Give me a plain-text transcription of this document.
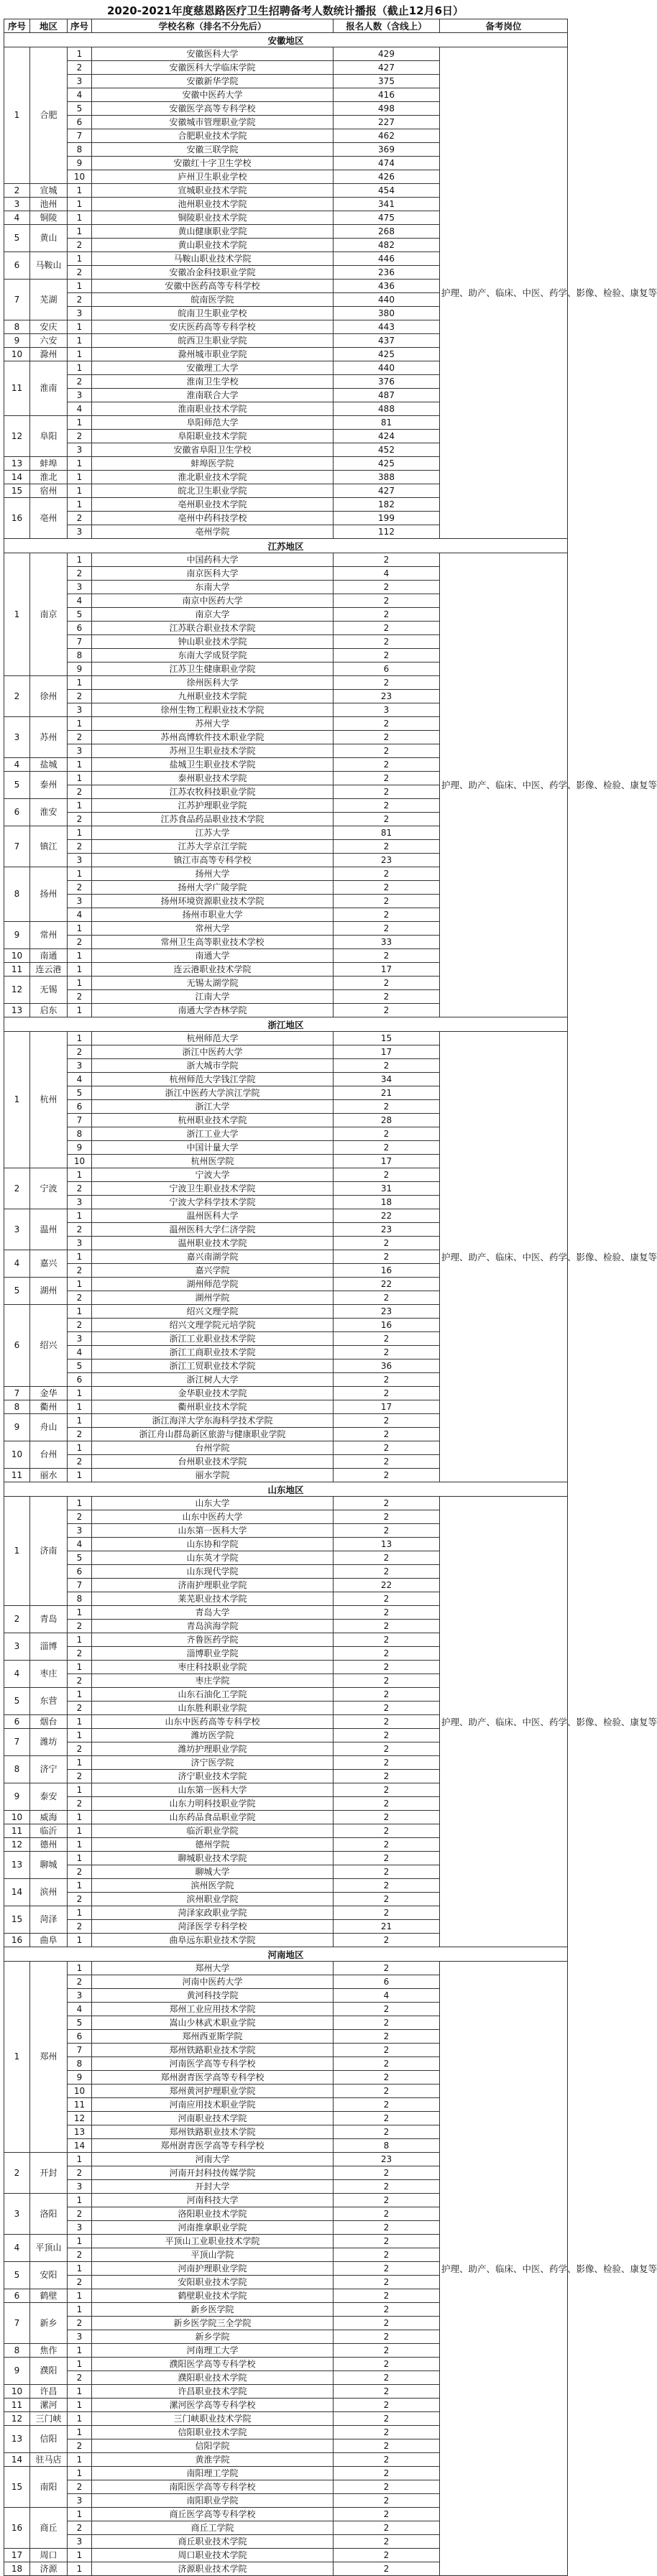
2020-2021年度慈恩路医疗卫生招聘备考人数统计播报（截止12月6日）
序号	地区	序号	学校名称（排名不分先后）	报名人数（含线上）	备考岗位
安徽地区					
1	合肥	1	安徽医科大学	429	护理、助产、临床、中医、药学、影像、检验、康复等
		2	安徽医科大学临床学院	427	
		3	安徽新华学院	375	
		4	安徽中医药大学	416	
		5	安徽医学高等专科学校	498	
		6	安徽城市管理职业学院	227	
		7	合肥职业技术学院	462	
		8	安徽三联学院	369	
		9	安徽红十字卫生学校	474	
		10	庐州卫生职业学校	426	
2	宣城	1	宣城职业技术学院	454	
3	池州	1	池州职业技术学院	341	
4	铜陵	1	铜陵职业技术学院	475	
5	黄山	1	黄山健康职业学院	268	
		2	黄山职业技术学院	482	
6	马鞍山	1	马鞍山职业技术学院	446	
		2	安徽冶金科技职业学院	236	
7	芜湖	1	安徽中医药高等专科学校	436	
		2	皖南医学院	440	
		3	皖南卫生职业学校	380	
8	安庆	1	安庆医药高等专科学校	443	
9	六安	1	皖西卫生职业学院	437	
10	滁州	1	滁州城市职业学院	425	
11	淮南	1	安徽理工大学	440	
		2	淮南卫生学校	376	
		3	淮南联合大学	487	
		4	淮南职业技术学院	488	
12	阜阳	1	阜阳师范大学	81	
		2	阜阳职业技术学院	424	
		3	安徽省阜阳卫生学校	452	
13	蚌埠	1	蚌埠医学院	425	
14	淮北	1	淮北职业技术学院	388	
15	宿州	1	皖北卫生职业学院	427	
16	亳州	1	亳州职业技术学院	182	
		2	亳州中药科技学校	199	
		3	亳州学院	112	
江苏地区					
1	南京	1	中国药科大学	2	护理、助产、临床、中医、药学、影像、检验、康复等
		2	南京医科大学	4	
		3	东南大学	2	
		4	南京中医药大学	2	
		5	南京大学	2	
		6	江苏联合职业技术学院	2	
		7	钟山职业技术学院	2	
		8	东南大学成贤学院	2	
		9	江苏卫生健康职业学院	6	
2	徐州	1	徐州医科大学	2	
		2	九州职业技术学院	23	
		3	徐州生物工程职业技术学院	3	
3	苏州	1	苏州大学	2	
		2	苏州高博软件技术职业学院	2	
		3	苏州卫生职业技术学院	2	
4	盐城	1	盐城卫生职业技术学院	2	
5	泰州	1	泰州职业技术学院	2	
		2	江苏农牧科技职业学院	2	
6	淮安	1	江苏护理职业学院	2	
		2	江苏食品药品职业技术学院	2	
7	镇江	1	江苏大学	81	
		2	江苏大学京江学院	2	
		3	镇江市高等专科学校	23	
8	扬州	1	扬州大学	2	
		2	扬州大学广陵学院	2	
		3	扬州环境资源职业技术学院	2	
		4	扬州市职业大学	2	
9	常州	1	常州大学	2	
		2	常州卫生高等职业技术学校	33	
10	南通	1	南通大学	2	
11	连云港	1	连云港职业技术学院	17	
12	无锡	1	无锡太湖学院	2	
		2	江南大学	2	
13	启东	1	南通大学杏林学院	2	
浙江地区					
1	杭州	1	杭州师范大学	15	护理、助产、临床、中医、药学、影像、检验、康复等
		2	浙江中医药大学	17	
		3	浙大城市学院	2	
		4	杭州师范大学钱江学院	34	
		5	浙江中医药大学滨江学院	21	
		6	浙江大学	2	
		7	杭州职业技术学院	28	
		8	浙江工业大学	2	
		9	中国计量大学	2	
		10	杭州医学院	17	
2	宁波	1	宁波大学	2	
		2	宁波卫生职业技术学院	31	
		3	宁波大学科学技术学院	18	
3	温州	1	温州医科大学	22	
		2	温州医科大学仁济学院	23	
		3	温州职业技术学院	2	
4	嘉兴	1	嘉兴南湖学院	2	
		2	嘉兴学院	16	
5	湖州	1	湖州师范学院	22	
		2	湖州学院	2	
6	绍兴	1	绍兴文理学院	23	
		2	绍兴文理学院元培学院	16	
		3	浙江工业职业技术学院	2	
		4	浙江工商职业技术学院	2	
		5	浙江工贸职业技术学院	36	
		6	浙江树人大学	2	
7	金华	1	金华职业技术学院	2	
8	衢州	1	衢州职业技术学院	17	
9	舟山	1	浙江海洋大学东海科学技术学院	2	
		2	浙江舟山群岛新区旅游与健康职业学院	2	
10	台州	1	台州学院	2	
		2	台州职业技术学院	2	
11	丽水	1	丽水学院	2	
山东地区					
1	济南	1	山东大学	2	护理、助产、临床、中医、药学、影像、检验、康复等
		2	山东中医药大学	2	
		3	山东第一医科大学	2	
		4	山东协和学院	13	
		5	山东英才学院	2	
		6	山东现代学院	2	
		7	济南护理职业学院	22	
		8	莱芜职业技术学院	2	
2	青岛	1	青岛大学	2	
		2	青岛滨海学院	2	
3	淄博	1	齐鲁医药学院	2	
		2	淄博职业学院	2	
4	枣庄	1	枣庄科技职业学院	2	
		2	枣庄学院	2	
5	东营	1	山东石油化工学院	2	
		2	山东胜利职业学院	2	
6	烟台	1	山东中医药高等专科学校	2	
7	潍坊	1	潍坊医学院	2	
		2	潍坊护理职业学院	2	
8	济宁	1	济宁医学院	2	
		2	济宁职业技术学院	2	
9	泰安	1	山东第一医科大学	2	
		2	山东力明科技职业学院	2	
10	威海	1	山东药品食品职业学院	2	
11	临沂	1	临沂职业学院	2	
12	德州	1	德州学院	2	
13	聊城	1	聊城职业技术学院	2	
		2	聊城大学	2	
14	滨州	1	滨州医学院	2	
		2	滨州职业学院	2	
15	菏泽	1	菏泽家政职业学院	2	
		2	菏泽医学专科学校	21	
16	曲阜	1	曲阜远东职业技术学院	2	
河南地区					
1	郑州	1	郑州大学	2	护理、助产、临床、中医、药学、影像、检验、康复等
		2	河南中医药大学	6	
		3	黄河科技学院	4	
		4	郑州工业应用技术学院	2	
		5	嵩山少林武术职业学院	2	
		6	郑州西亚斯学院	2	
		7	郑州铁路职业技术学院	2	
		8	河南医学高等专科学校	2	
		9	郑州澍青医学高等专科学校	2	
		10	郑州黄河护理职业学院	2	
		11	河南应用技术职业学院	2	
		12	河南职业技术学院	2	
		13	郑州铁路职业技术学院	2	
		14	郑州澍青医学高等专科学校	8	
2	开封	1	河南大学	23	
		2	河南开封科技传媒学院	2	
		3	开封大学	2	
3	洛阳	1	河南科技大学	2	
		2	洛阳职业技术学院	2	
		3	河南推拿职业学院	2	
4	平顶山	1	平顶山工业职业技术学院	2	
		2	平顶山学院	2	
5	安阳	1	河南护理职业学院	2	
		2	安阳职业技术学院	2	
6	鹤壁	1	鹤壁职业技术学院	2	
7	新乡	1	新乡医学院	2	
		2	新乡医学院三全学院	2	
		3	新乡学院	2	
8	焦作	1	河南理工大学	2	
9	濮阳	1	濮阳医学高等专科学校	2	
		2	濮阳职业技术学院	2	
10	许昌	1	许昌职业技术学院	2	
11	漯河	1	漯河医学高等专科学校	2	
12	三门峡	1	三门峡职业技术学院	2	
13	信阳	1	信阳职业技术学院	2	
		2	信阳学院	2	
14	驻马店	1	黄淮学院	2	
15	南阳	1	南阳理工学院	2	
		2	南阳医学高等专科学校	2	
		3	南阳职业学院	2	
16	商丘	1	商丘医学高等专科学校	2	
		2	商丘工学院	2	
		3	商丘职业技术学院	2	
17	周口	1	周口职业技术学院	2	
18	济源	1	济源职业技术学院	2	
